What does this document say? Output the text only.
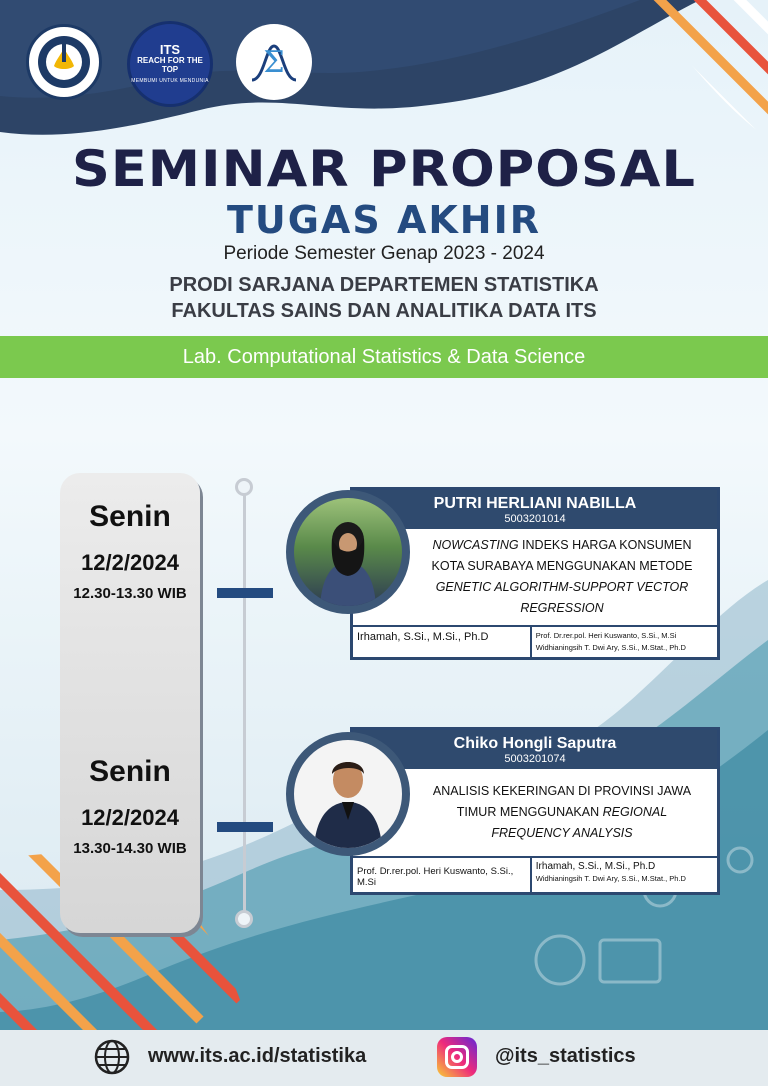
ITS
REACH FOR THE TOP
MEMBUMI UNTUK MENDUNIA
Σ
SEMINAR PROPOSAL
TUGAS AKHIR
Periode Semester Genap 2023 - 2024
PRODI SARJANA DEPARTEMEN STATISTIKA
FAKULTAS SAINS DAN ANALITIKA DATA ITS
Lab. Computational Statistics & Data Science
Senin
12/2/2024
12.30-13.30 WIB
Senin
12/2/2024
13.30-14.30 WIB
PUTRI HERLIANI NABILLA
5003201014
NOWCASTING INDEKS HARGA KONSUMEN
KOTA SURABAYA MENGGUNAKAN METODE
GENETIC ALGORITHM-SUPPORT VECTOR
REGRESSION
Irhamah, S.Si., M.Si., Ph.D	Prof. Dr.rer.pol. Heri Kuswanto, S.Si., M.Si
Widhianingsih T. Dwi Ary, S.Si., M.Stat., Ph.D
Chiko Hongli Saputra
5003201074
ANALISIS KEKERINGAN DI PROVINSI JAWA
TIMUR MENGGUNAKAN REGIONAL
FREQUENCY ANALYSIS
Prof. Dr.rer.pol. Heri Kuswanto, S.Si., M.Si
Irhamah, S.Si., M.Si., Ph.D
Widhianingsih T. Dwi Ary, S.Si., M.Stat., Ph.D
www.its.ac.id/statistika	@its_statistics
